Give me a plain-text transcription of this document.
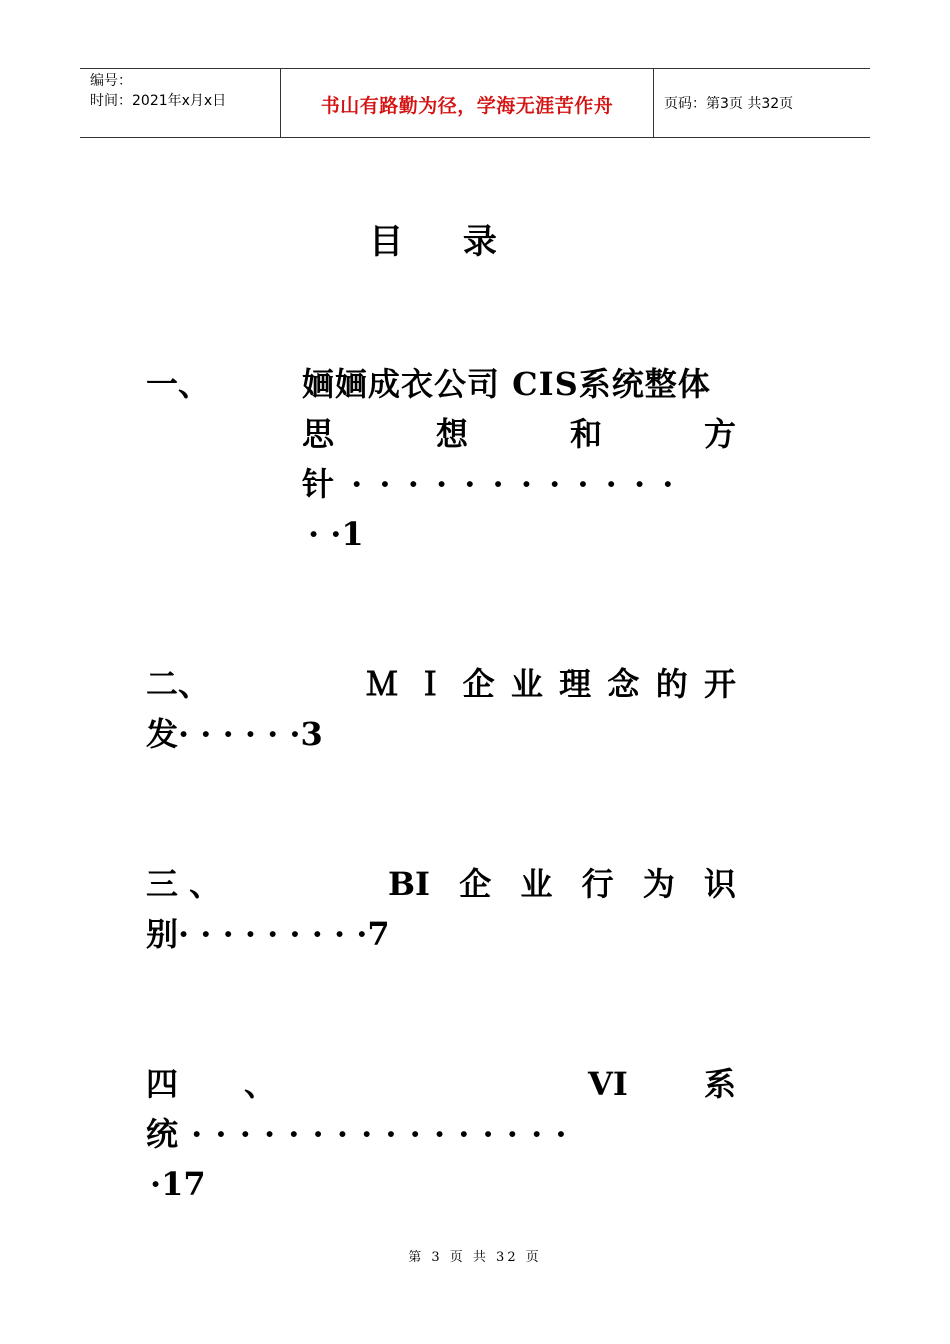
编号：
时间：2021年x月x日	书山有路勤为径，学海无涯苦作舟	页码：第3页 共32页
目 录
一、	婳婳成衣公司 CIS系统整体
思	想	和	方
针 · · · · · · · · · · · ·
· ·1
二、	Ｍ Ｉ 企 业 理 念 的 开
发· · · · · ·3
三 、	BI 企 业 行 为 识
别· · · · · · · · ·7
四 、	VI 系
统 · · · · · · · · · · · · · · · ·
·17
第 3 页 共 32 页
